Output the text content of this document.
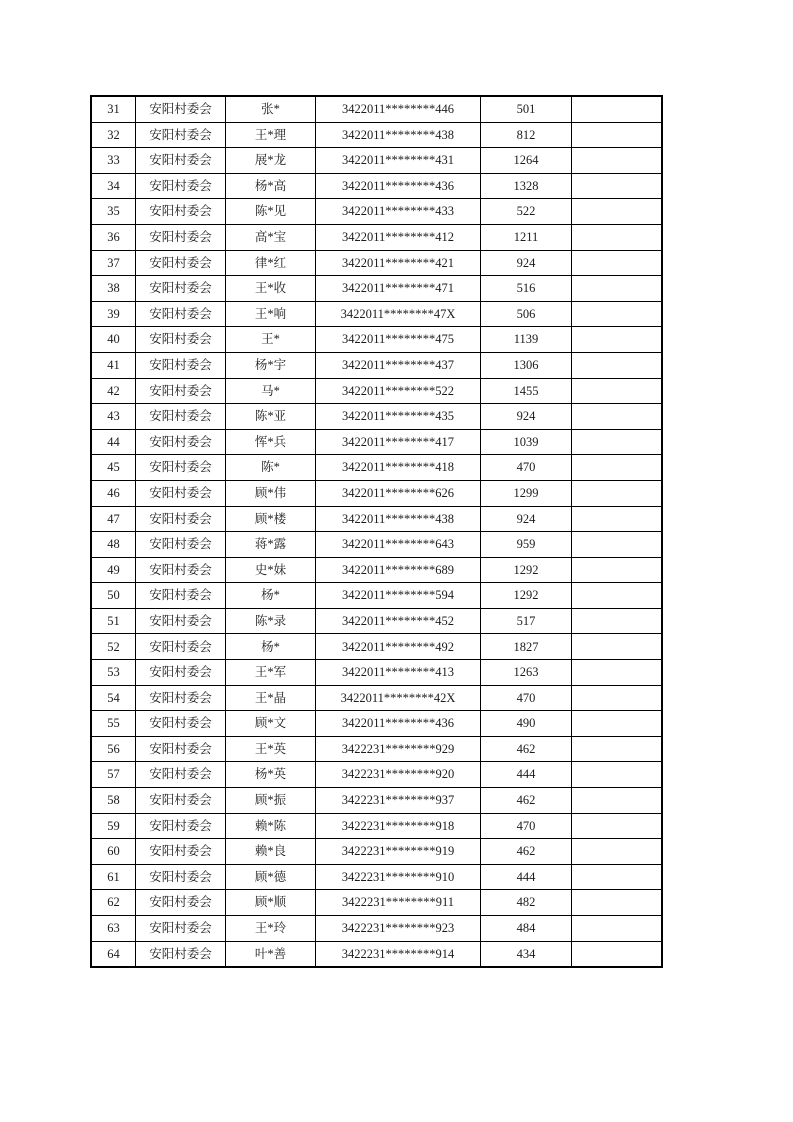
31	安阳村委会	张*	3422011********446	501	
32	安阳村委会	王*理	3422011********438	812	
33	安阳村委会	展*龙	3422011********431	1264	
34	安阳村委会	杨*高	3422011********436	1328	
35	安阳村委会	陈*见	3422011********433	522	
36	安阳村委会	高*宝	3422011********412	1211	
37	安阳村委会	律*红	3422011********421	924	
38	安阳村委会	王*收	3422011********471	516	
39	安阳村委会	王*响	3422011********47X	506	
40	安阳村委会	王*	3422011********475	1139	
41	安阳村委会	杨*宇	3422011********437	1306	
42	安阳村委会	马*	3422011********522	1455	
43	安阳村委会	陈*亚	3422011********435	924	
44	安阳村委会	恽*兵	3422011********417	1039	
45	安阳村委会	陈*	3422011********418	470	
46	安阳村委会	顾*伟	3422011********626	1299	
47	安阳村委会	顾*楼	3422011********438	924	
48	安阳村委会	蒋*露	3422011********643	959	
49	安阳村委会	史*妹	3422011********689	1292	
50	安阳村委会	杨*	3422011********594	1292	
51	安阳村委会	陈*录	3422011********452	517	
52	安阳村委会	杨*	3422011********492	1827	
53	安阳村委会	王*军	3422011********413	1263	
54	安阳村委会	王*晶	3422011********42X	470	
55	安阳村委会	顾*文	3422011********436	490	
56	安阳村委会	王*英	3422231********929	462	
57	安阳村委会	杨*英	3422231********920	444	
58	安阳村委会	顾*振	3422231********937	462	
59	安阳村委会	赖*陈	3422231********918	470	
60	安阳村委会	赖*良	3422231********919	462	
61	安阳村委会	顾*德	3422231********910	444	
62	安阳村委会	顾*顺	3422231********911	482	
63	安阳村委会	王*玲	3422231********923	484	
64	安阳村委会	叶*善	3422231********914	434	
